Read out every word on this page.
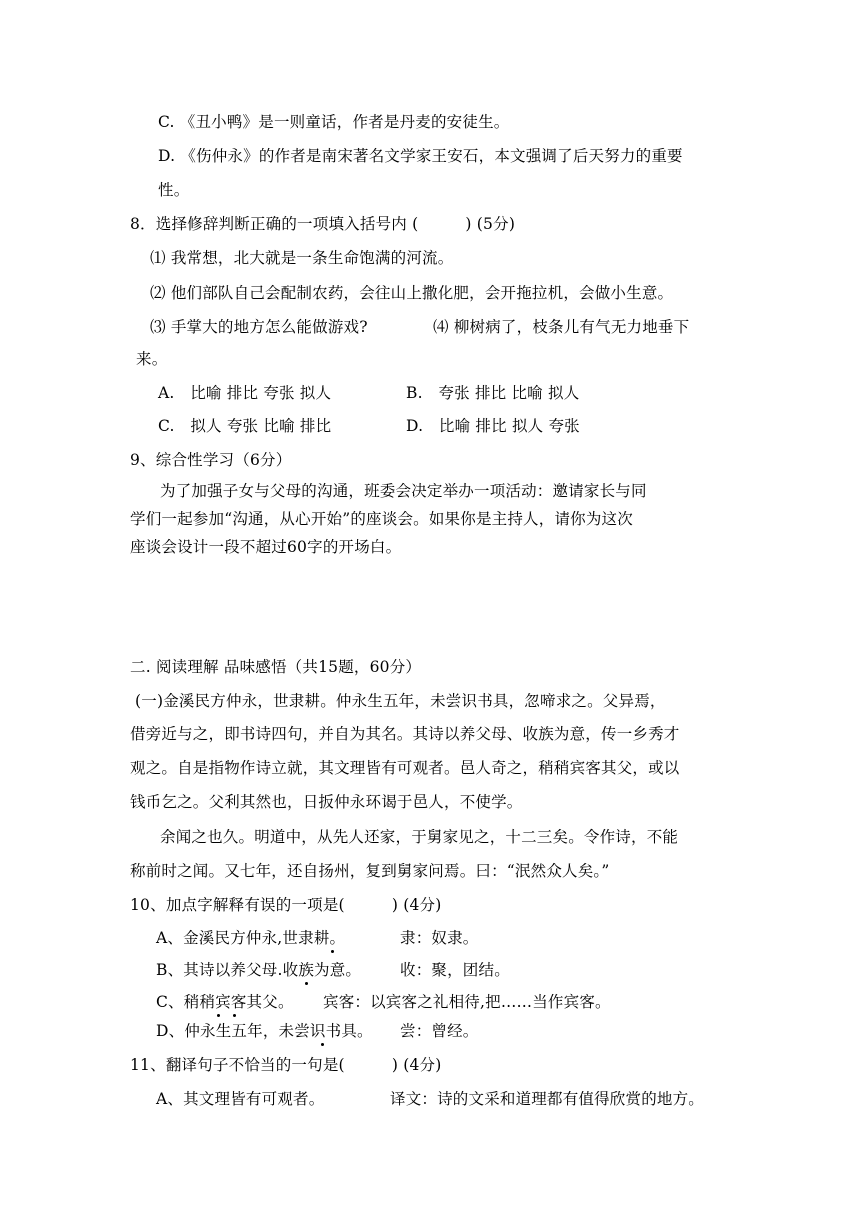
C. 《丑小鸭》是一则童话，作者是丹麦的安徒生。
D. 《伤仲永》的作者是南宋著名文学家王安石，本文强调了后天努力的重要
性。
8．选择修辞判断正确的一项填入括号内 (　　　) (5分)
⑴ 我常想，北大就是一条生命饱满的河流。
⑵ 他们部队自己会配制农药，会往山上撒化肥，会开拖拉机，会做小生意。
⑶ 手掌大的地方怎么能做游戏?	⑷ 柳树病了，枝条儿有气无力地垂下
来。
A.　比喻 排比 夸张 拟人	B.　夸张 排比 比喻 拟人
C.　拟人 夸张 比喻 排比	D.　比喻 排比 拟人 夸张
9、综合性学习（6分）
为了加强子女与父母的沟通，班委会决定举办一项活动：邀请家长与同
学们一起参加“沟通，从心开始”的座谈会。如果你是主持人，请你为这次
座谈会设计一段不超过60字的开场白。
二. 阅读理解 品味感悟（共15题，60分）
(一)金溪民方仲永，世隶耕。仲永生五年，未尝识书具，忽啼求之。父异焉，
借旁近与之，即书诗四句，并自为其名。其诗以养父母、收族为意，传一乡秀才
观之。自是指物作诗立就，其文理皆有可观者。邑人奇之，稍稍宾客其父，或以
钱币乞之。父利其然也，日扳仲永环谒于邑人，不使学。
余闻之也久。明道中，从先人还家，于舅家见之，十二三矣。令作诗，不能
称前时之闻。又七年，还自扬州，复到舅家问焉。曰：“泯然众人矣。”
10、加点字解释有误的一项是(　　　) (4分)
A、金溪民方仲永,世隶耕。	隶：奴隶。
B、其诗以养父母.收族为意。	收：聚，团结。
C、稍稍宾客其父。 宾客：以宾客之礼相待,把……当作宾客。
D、仲永生五年，未尝识书具。 尝：曾经。
11、翻译句子不恰当的一句是(　　　) (4分)
A、其文理皆有可观者。	译文：诗的文采和道理都有值得欣赏的地方。
